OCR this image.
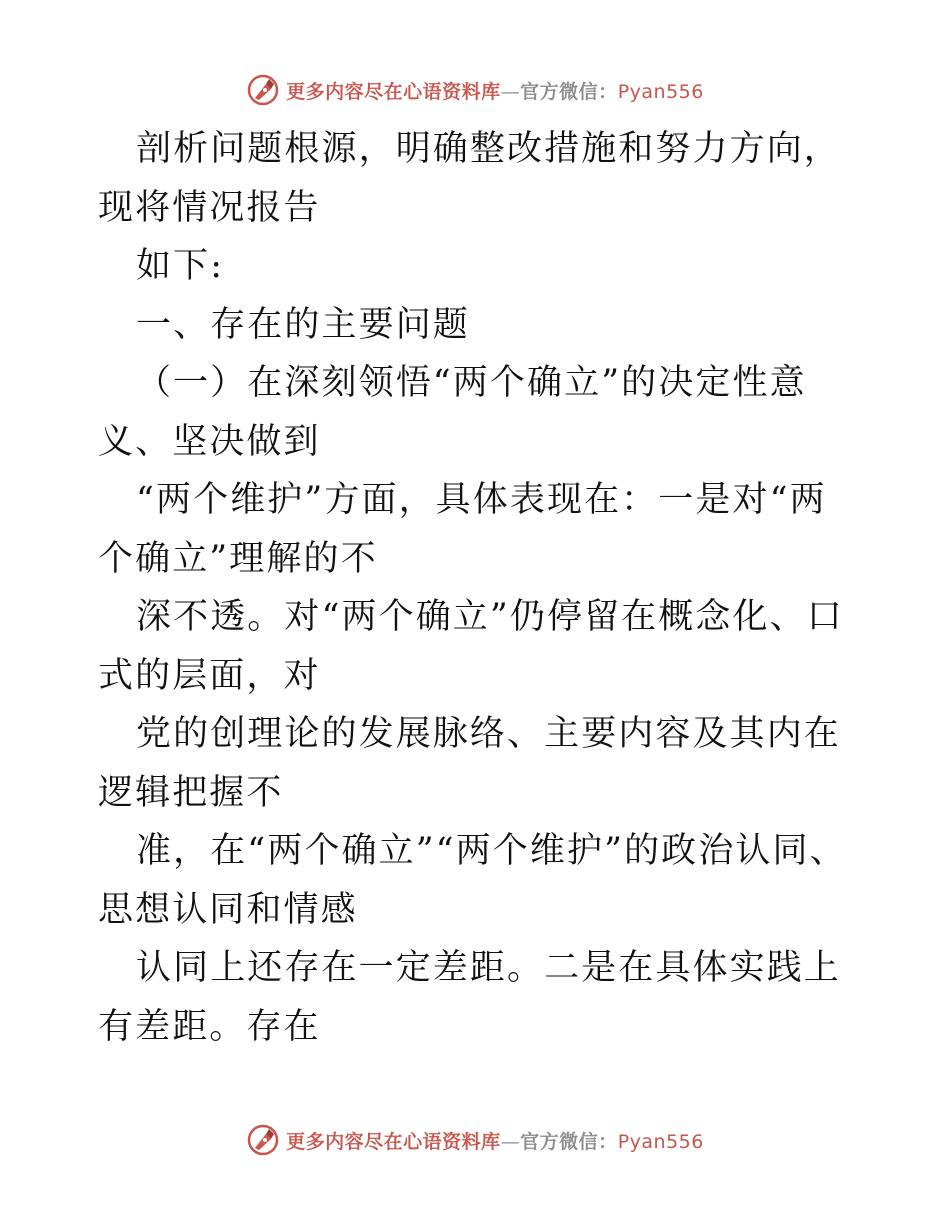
更多内容尽在心语资料库—官方微信：Pyan556

剖析问题根源，明确整改措施和努力方向，现将情况报告

如下:

一、存在的主要问题

（一）在深刻领悟“两个确立”的决定性意义、坚决做到

“两个维护”方面，具体表现在：一是对“两个确立”理解的不

深不透。对“两个确立”仍停留在概念化、口式的层面，对

党的创理论的发展脉络、主要内容及其内在逻辑把握不

准，在“两个确立”“两个维护”的政治认同、思想认同和情感

认同上还存在一定差距。二是在具体实践上有差距。存在

更多内容尽在心语资料库—官方微信：Pyan556
